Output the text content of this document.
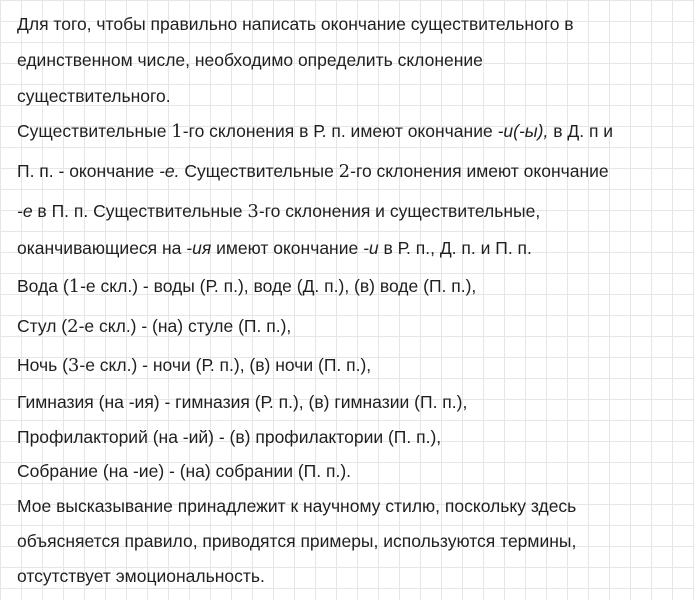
Для того, чтобы правильно написать окончание существительного в
единственном числе, необходимо определить склонение
существительного.
Существительные 1-го склонения в Р. п. имеют окончание -и(-ы), в Д. п и
П. п. - окончание -е. Существительные 2-го склонения имеют окончание
-е в П. п. Существительные 3-го склонения и существительные,
оканчивающиеся на -ия имеют окончание -и в Р. п., Д. п. и П. п.
Вода (1-е скл.) - воды (Р. п.), воде (Д. п.), (в) воде (П. п.),
Стул (2-е скл.) - (на) стуле (П. п.),
Ночь (3-е скл.) - ночи (Р. п.), (в) ночи (П. п.),
Гимназия (на -ия) - гимназия (Р. п.), (в) гимназии (П. п.),
Профилакторий (на -ий) - (в) профилактории (П. п.),
Собрание (на -ие) - (на) собрании (П. п.).
Мое высказывание принадлежит к научному стилю, поскольку здесь
объясняется правило, приводятся примеры, используются термины,
отсутствует эмоциональность.
